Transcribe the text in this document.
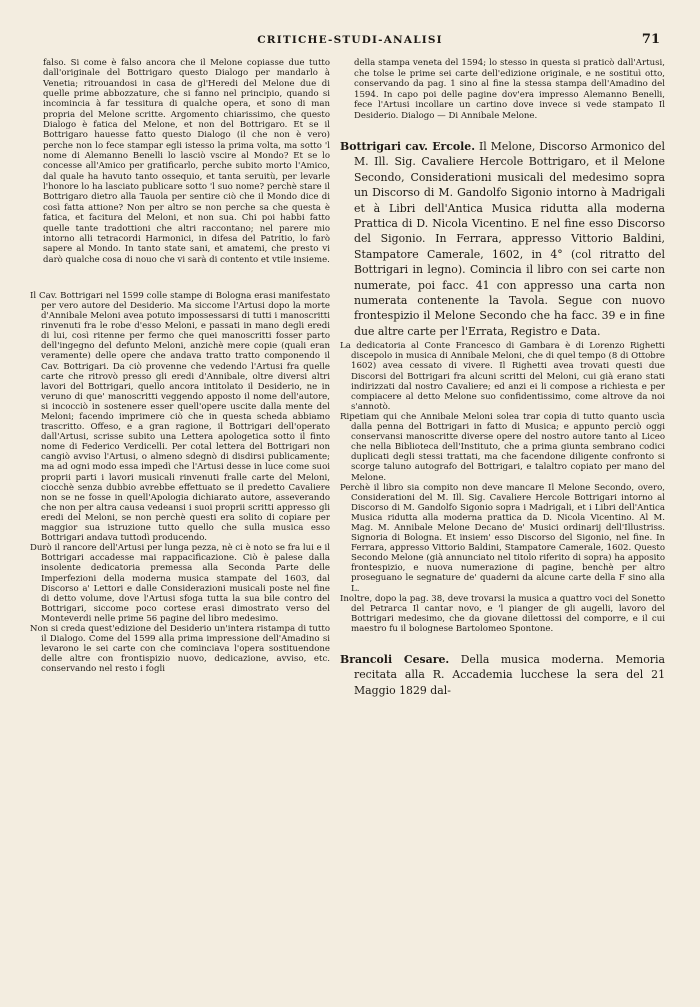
CRITICHE-STUDI-ANALISI	71

falso. Si come è falso ancora che il Melone copiasse due tutto dall'originale del Bottrigaro questo Dialogo per mandarlo à Venetia; ritrouandosi in casa de gl'Heredi del Melone due di quelle prime abbozzature, che si fanno nel principio, quando si incomincia à far tessitura di qualche opera, et sono di man propria del Melone scritte. Argomento chiarissimo, che questo Dialogo è fatica del Melone, et non del Bottrigaro. Et se il Bottrigaro hauesse fatto questo Dialogo (il che non è vero) perche non lo fece stampar egli istesso la prima volta, ma sotto 'l nome di Alemanno Benelli lo lasciò vscire al Mondo? Et se lo concesse all'Amico per gratificarlo, perche subito morto l'Amico, dal quale ha havuto tanto ossequio, et tanta seruitù, per levarle l'honore lo ha lasciato publicare sotto 'l suo nome? perchè stare il Bottrigaro dietro alla Tauola per sentire ciò che il Mondo dice di così fatta attione? Non per altro se non perche sa che questa è fatica, et facitura del Meloni, et non sua. Chi poi habbi fatto quelle tante tradottioni che altri raccontano; nel parere mio intorno alli tetracordi Harmonici, in difesa del Patritio, lo farò sapere al Mondo. In tanto state sani, et amatemi, che presto vi darò qualche cosa di nouo che vi sarà di contento et vtile insieme.

Il Cav. Bottrigari nel 1599 colle stampe di Bologna erasi manifestato per vero autore del Desiderio. Ma siccome l'Artusi dopo la morte d'Annibale Meloni avea potuto impossessarsi di tutti i manoscritti rinvenuti fra le robe d'esso Meloni, e passati in mano degli eredi di lui, così ritenne per fermo che quei manoscritti fosser parto dell'ingegno del defunto Meloni, anzichè mere copie (quali eran veramente) delle opere che andava tratto tratto componendo il Cav. Bottrigari. Da ciò provenne che vedendo l'Artusi fra quelle carte che ritrovò presso gli eredi d'Annibale, oltre diversi altri lavori del Bottrigari, quello ancora intitolato il Desiderio, ne in veruno di que' manoscritti veggendo apposto il nome dell'autore, si incocciò in sostenere esser quell'opere uscite dalla mente del Meloni; facendo imprimere ciò che in questa scheda abbiamo trascritto. Offeso, e a gran ragione, il Bottrigari dell'operato dall'Artusi, scrisse subito una Lettera apologetica sotto il finto nome di Federico Verdicelli. Per cotal lettera del Bottrigari non cangiò avviso l'Artusi, o almeno sdegnò di disdirsi publicamente; ma ad ogni modo essa impedì che l'Artusi desse in luce come suoi proprii parti i lavori musicali rinvenuti fralle carte del Meloni, ciocchè senza dubbio avrebbe effettuato se il predetto Cavaliere non se ne fosse in quell'Apologia dichiarato autore, asseverando che non per altra causa vedeansi i suoi proprii scritti appresso gli eredi del Meloni, se non perchè questi era solito di copiare per maggior sua istruzione tutto quello che sulla musica esso Bottrigari andava tuttodì producendo.

Durò il rancore dell'Artusi per lunga pezza, nè ci è noto se fra lui e il Bottrigari accadesse mai rappacificazione. Ciò è palese dalla insolente dedicatoria premessa alla Seconda Parte delle Imperfezioni della moderna musica stampate del 1603, dal Discorso a' Lettori e dalle Considerazioni musicali poste nel fine di detto volume, dove l'Artusi sfoga tutta la sua bile contro del Bottrigari, siccome poco cortese erasi dimostrato verso del Monteverdi nelle prime 56 pagine del libro medesimo.

Non si creda quest'edizione del Desiderio un'intera ristampa di tutto il Dialogo. Come del 1599 alla prima impressione dell'Amadino si levarono le sei carte con che cominciava l'opera sostituendone delle altre con frontispizio nuovo, dedicazione, avviso, etc. conservando nel resto i fogli

della stampa veneta del 1594; lo stesso in questa si praticò dall'Artusi, che tolse le prime sei carte dell'edizione originale, e ne sostituì otto, conservando da pag. 1 sino al fine la stessa stampa dell'Amadino del 1594. In capo poi delle pagine dov'era impresso Alemanno Benelli, fece l'Artusi incollare un cartino dove invece si vede stampato Il Desiderio. Dialogo — Di Annibale Melone.

Bottrigari cav. Ercole. Il Melone, Discorso Armonico del M. Ill. Sig. Cavaliere Hercole Bottrigaro, et il Melone Secondo, Considerationi musicali del medesimo sopra un Discorso di M. Gandolfo Sigonio intorno à Madrigali et à Libri dell'Antica Musica ridutta alla moderna Prattica di D. Nicola Vicentino. E nel fine esso Discorso del Sigonio. In Ferrara, appresso Vittorio Baldini, Stampatore Camerale, 1602, in 4° (col ritratto del Bottrigari in legno). Comincia il libro con sei carte non numerate, poi facc. 41 con appresso una carta non numerata contenente la Tavola. Segue con nuovo frontespizio il Melone Secondo che ha facc. 39 e in fine due altre carte per l'Errata, Registro e Data.

La dedicatoria al Conte Francesco di Gambara è di Lorenzo Righetti discepolo in musica di Annibale Meloni, che di quel tempo (8 di Ottobre 1602) avea cessato di vivere. Il Righetti avea trovati questi due Discorsi del Bottrigari fra alcuni scritti del Meloni, cui già erano stati indirizzati dal nostro Cavaliere; ed anzi ei li compose a richiesta e per compiacere al detto Melone suo confidentissimo, come altrove da noi s'annotò.

Ripetiam qui che Annibale Meloni solea trar copia di tutto quanto uscìa dalla penna del Bottrigari in fatto di Musica; e appunto perciò oggi conservansi manoscritte diverse opere del nostro autore tanto al Liceo che nella Biblioteca dell'Instituto, che a prima giunta sembrano codici duplicati degli stessi trattati, ma che facendone diligente confronto si scorge taluno autografo del Bottrigari, e talaltro copiato per mano del Melone.

Perchè il libro sia compito non deve mancare Il Melone Secondo, overo, Considerationi del M. Ill. Sig. Cavaliere Hercole Bottrigari intorno al Discorso di M. Gandolfo Sigonio sopra i Madrigali, et i Libri dell'Antica Musica ridutta alla moderna prattica da D. Nicola Vicentino. Al M. Mag. M. Annibale Melone Decano de' Musici ordinarij dell'Illustriss. Signoria di Bologna. Et insiem' esso Discorso del Sigonio, nel fine. In Ferrara, appresso Vittorio Baldini, Stampatore Camerale, 1602. Questo Secondo Melone (già annunciato nel titolo riferito di sopra) ha apposito frontespizio, e nuova numerazione di pagine, benchè per altro proseguano le segnature de' quaderni da alcune carte della F sino alla L.

Inoltre, dopo la pag. 38, deve trovarsi la musica a quattro voci del Sonetto del Petrarca Il cantar novo, e 'l pianger de gli augelli, lavoro del Bottrigari medesimo, che da giovane dilettossi del comporre, e il cui maestro fu il bolognese Bartolomeo Spontone.

Brancoli Cesare. Della musica moderna. Memoria recitata alla R. Accademia lucchese la sera del 21 Maggio 1829 dal-
